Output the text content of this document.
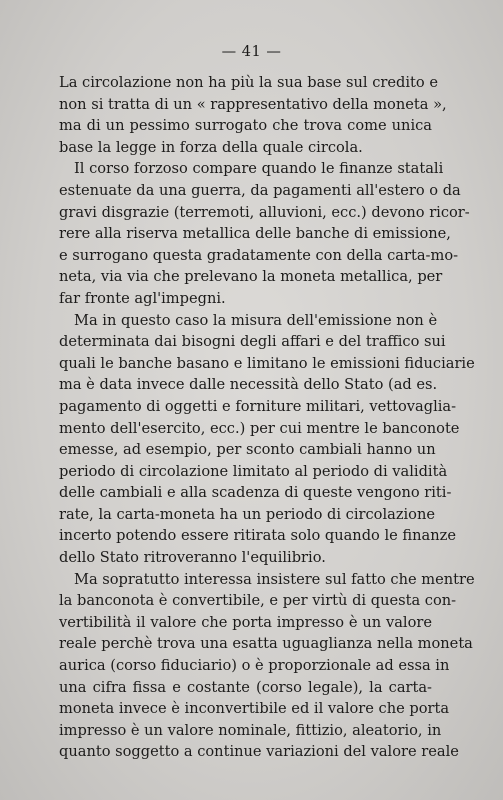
— 41 —
La circolazione non ha più la sua base sul credito e
non si tratta di un « rappresentativo della moneta »,
ma di un pessimo surrogato che trova come unica
base la legge in forza della quale circola.
Il corso forzoso compare quando le finanze statali
estenuate da una guerra, da pagamenti all'estero o da
gravi disgrazie (terremoti, alluvioni, ecc.) devono ricor-
rere alla riserva metallica delle banche di emissione,
e surrogano questa gradatamente con della carta-mo-
neta, via via che prelevano la moneta metallica, per
far fronte agl'impegni.
Ma in questo caso la misura dell'emissione non è
determinata dai bisogni degli affari e del traffico sui
quali le banche basano e limitano le emissioni fiduciarie
ma è data invece dalle necessità dello Stato (ad es.
pagamento di oggetti e forniture militari, vettovaglia-
mento dell'esercito, ecc.) per cui mentre le banconote
emesse, ad esempio, per sconto cambiali hanno un
periodo di circolazione limitato al periodo di validità
delle cambiali e alla scadenza di queste vengono riti-
rate, la carta-moneta ha un periodo di circolazione
incerto potendo essere ritirata solo quando le finanze
dello Stato ritroveranno l'equilibrio.
Ma sopratutto interessa insistere sul fatto che mentre
la banconota è convertibile, e per virtù di questa con-
vertibilità il valore che porta impresso è un valore
reale perchè trova una esatta uguaglianza nella moneta
aurica (corso fiduciario) o è proporzionale ad essa in
una cifra fissa e costante (corso legale), la carta-
moneta invece è inconvertibile ed il valore che porta
impresso è un valore nominale, fittizio, aleatorio, in
quanto soggetto a continue variazioni del valore reale
